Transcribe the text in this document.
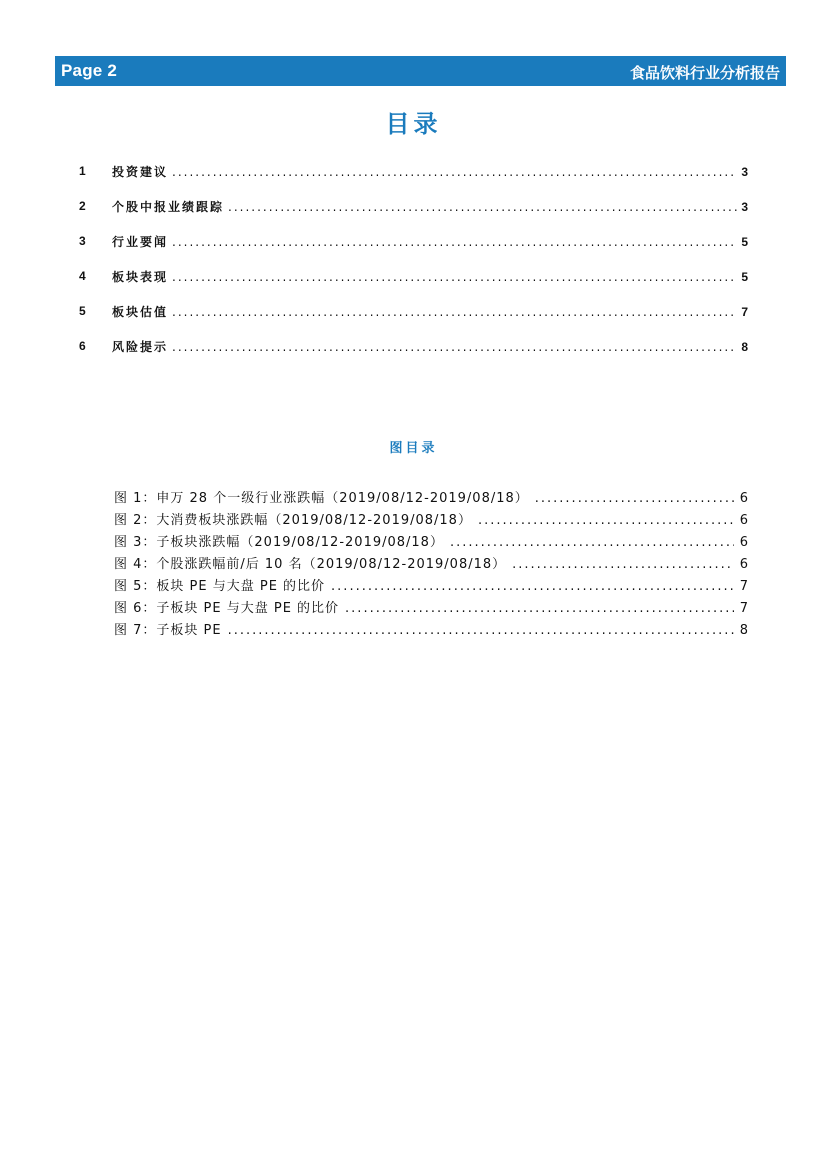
Page 2	食品饮料行业分析报告
目录
1 投资建议 .....	3
2 个股中报业绩跟踪 .....	3
3 行业要闻 .....	5
4 板块表现 .....	5
5 板块估值 .....	7
6 风险提示 .....	8
图目录
图 1：申万 28 个一级行业涨跌幅（2019/08/12-2019/08/18） .....	6
图 2：大消费板块涨跌幅（2019/08/12-2019/08/18） .....	6
图 3：子板块涨跌幅（2019/08/12-2019/08/18） .....	6
图 4：个股涨跌幅前/后 10 名（2019/08/12-2019/08/18） .....	6
图 5：板块 PE 与大盘 PE 的比价 .....	7
图 6：子板块 PE 与大盘 PE 的比价 .....	7
图 7：子板块 PE .....	8
